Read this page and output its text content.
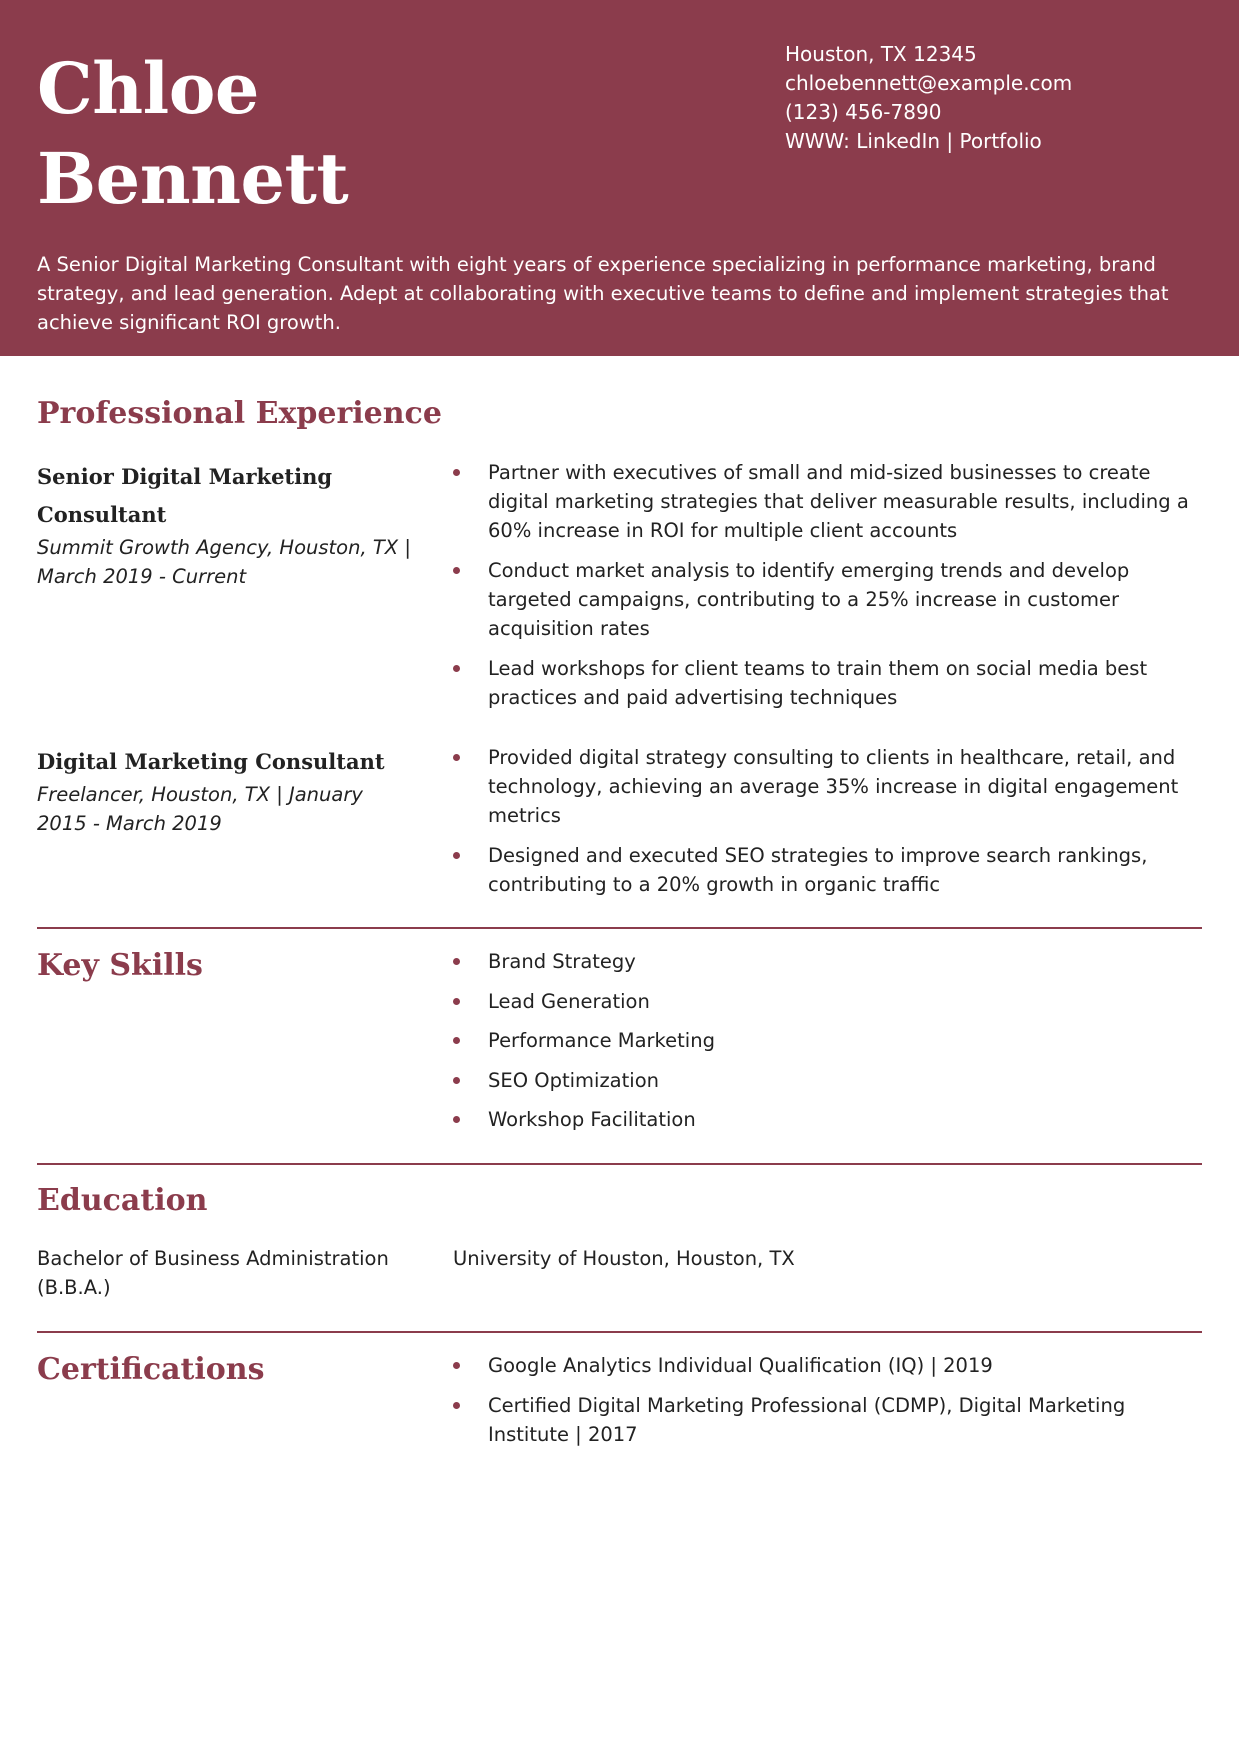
Chloe
Bennett
Houston, TX 12345
chloebennett@example.com
(123) 456-7890
WWW: LinkedIn | Portfolio

A Senior Digital Marketing Consultant with eight years of experience specializing in performance marketing, brand strategy, and lead generation. Adept at collaborating with executive teams to define and implement strategies that achieve significant ROI growth.

Professional Experience
Senior Digital Marketing Consultant
Summit Growth Agency, Houston, TX | March 2019 - Current
Partner with executives of small and mid-sized businesses to create digital marketing strategies that deliver measurable results, including a 60% increase in ROI for multiple client accounts
Conduct market analysis to identify emerging trends and develop targeted campaigns, contributing to a 25% increase in customer acquisition rates
Lead workshops for client teams to train them on social media best practices and paid advertising techniques
Digital Marketing Consultant
Freelancer, Houston, TX | January 2015 - March 2019
Provided digital strategy consulting to clients in healthcare, retail, and technology, achieving an average 35% increase in digital engagement metrics
Designed and executed SEO strategies to improve search rankings, contributing to a 20% growth in organic traffic
Key Skills	Brand Strategy
Lead Generation
Performance Marketing
SEO Optimization
Workshop Facilitation
Education
Bachelor of Business Administration (B.B.A.)
University of Houston, Houston, TX
Certifications	Google Analytics Individual Qualification (IQ) | 2019
Certified Digital Marketing Professional (CDMP), Digital Marketing Institute | 2017
